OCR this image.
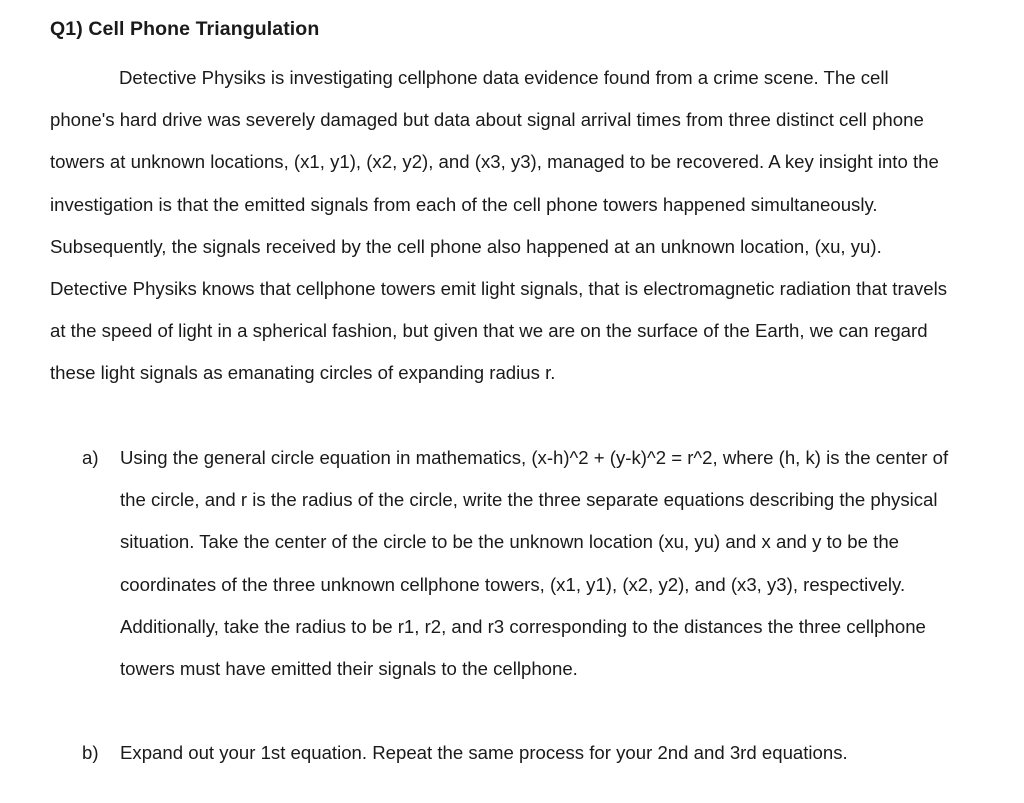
Q1) Cell Phone Triangulation

Detective Physiks is investigating cellphone data evidence found from a crime scene. The cell phone's hard drive was severely damaged but data about signal arrival times from three distinct cell phone towers at unknown locations, (x1, y1), (x2, y2), and (x3, y3), managed to be recovered. A key insight into the investigation is that the emitted signals from each of the cell phone towers happened simultaneously. Subsequently, the signals received by the cell phone also happened at an unknown location, (xu, yu). Detective Physiks knows that cellphone towers emit light signals, that is electromagnetic radiation that travels at the speed of light in a spherical fashion, but given that we are on the surface of the Earth, we can regard these light signals as emanating circles of expanding radius r.

a) Using the general circle equation in mathematics, (x-h)^2 + (y-k)^2 = r^2, where (h, k) is the center of the circle, and r is the radius of the circle, write the three separate equations describing the physical situation. Take the center of the circle to be the unknown location (xu, yu) and x and y to be the coordinates of the three unknown cellphone towers, (x1, y1), (x2, y2), and (x3, y3), respectively. Additionally, take the radius to be r1, r2, and r3 corresponding to the distances the three cellphone towers must have emitted their signals to the cellphone.
b) Expand out your 1st equation. Repeat the same process for your 2nd and 3rd equations.
